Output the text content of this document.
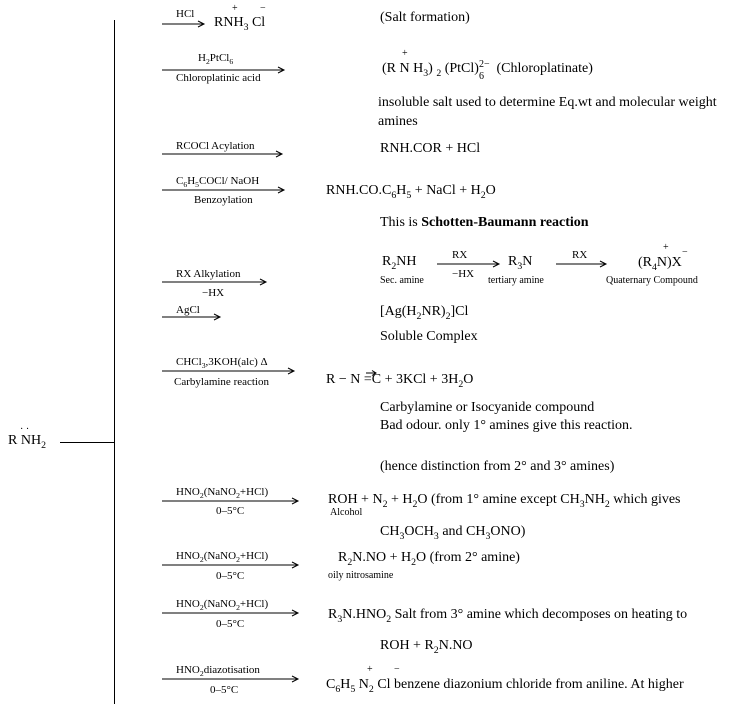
· ·
R $NH_2$
HCl	+ −
$RNH_3$ Cl	(Salt formation)
$H_2PtCl_6$
Chloroplatinic acid
+
(R N $H_3$) $_2$ (PtCl) 2−
6
(Chloroplatinate)
insoluble salt used to determine Eq.wt and molecular weight
amines
RCOCl Acylation	RNH.COR + HCl
$C_6H_5COCl/$ NaOH
Benzoylation
$RNH.CO.C_6H_5$ + NaCl + $H_2O$
This is Schotten-Baumann reaction
RX Alkylation
−HX
$R_2NH$
Sec. amine
RX
−HX
$R_3N$
tertiary amine
RX
+ −
$(R_4N)X$
Quaternary Compound
AgCl	$[Ag(H_2NR)_2]Cl$
Soluble Complex
CHCl$_3$,3KOH(alc) Δ
Carbylamine reaction	$R - N =C + 3KCl + 3H_2O$
Carbylamine or Isocyanide compound
Bad odour. only 1° amines give this reaction.
(hence distinction from 2° and 3° amines)
$HNO_2(NaNO_2+HCl)$
0–5°C
ROH + $N_2 + H_2O$ (from 1° amine except $CH_3NH_2$ which gives
Alcohol
$CH_3OCH_3$ and $CH_3ONO$)
$HNO_2(NaNO_2+HCl)$
0–5°C
$R_2N.NO + H_2O$ (from 2° amine)
oily nitrosamine
$HNO_2(NaNO_2+HCl)$
0–5°C
$R_3N.HNO_2$ Salt from 3° amine which decomposes on heating to
ROH + $R_2N.NO$
$HNO_2diazotisation$
0–5°C
+ −
$C_6H_5$ $N_2$ Cl benzene diazonium chloride from aniline. At higher
